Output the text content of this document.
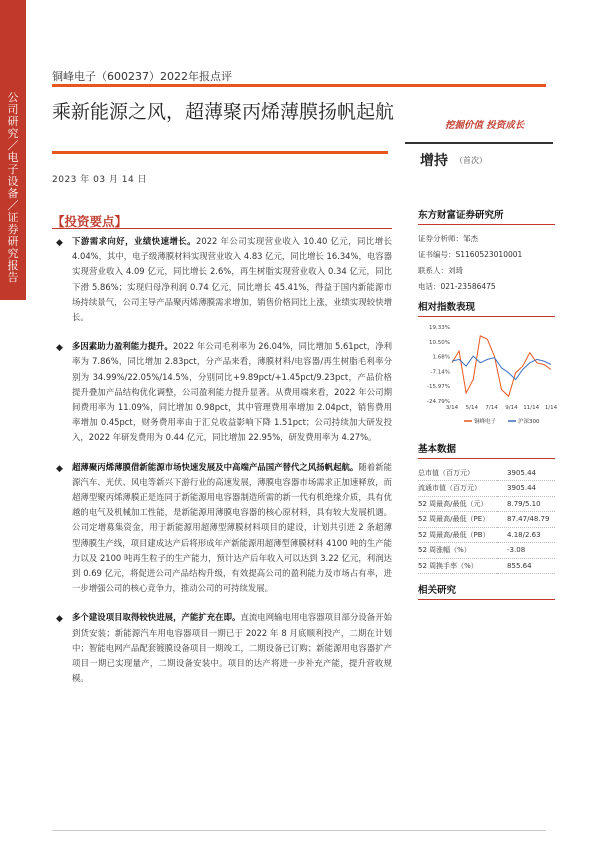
公司研究／电子设备／证券研究报告
铜峰电子（600237）2022年报点评
乘新能源之风，超薄聚丙烯薄膜扬帆起航
挖掘价值 投资成长
2023 年 03 月 14 日
增持 （首次）
【投资要点】
◆ 下游需求向好，业绩快速增长。2022 年公司实现营业收入 10.40 亿元，同比增长 4.04%，其中，电子级薄膜材料实现营业收入 4.83 亿元，同比增长 16.34%，电容器实现营业收入 4.09 亿元，同比增长 2.6%，再生树脂实现营业收入 0.34 亿元，同比下滑 5.86%；实现归母净利润 0.74 亿元，同比增长 45.41%，得益于国内新能源市场持续景气，公司主导产品聚丙烯薄膜需求增加，销售价格同比上涨，业绩实现较快增长。
◆ 多因素助力盈利能力提升。2022 年公司毛利率为 26.04%，同比增加 5.61pct，净利率为 7.86%，同比增加 2.83pct，分产品来看，薄膜材料/电容器/再生树脂毛利率分别为 34.99%/22.05%/14.5%，分别同比+9.89pct/+1.45pct/9.23pct，产品价格提升叠加产品结构优化调整，公司盈利能力提升显著。从费用端来看，2022 年公司期间费用率为 11.09%，同比增加 0.98pct，其中管理费用率增加 2.04pct，销售费用率增加 0.45pct，财务费用率由于汇兑收益影响下降 1.51pct；公司持续加大研发投入，2022 年研发费用为 0.44 亿元，同比增加 22.95%，研发费用率为 4.27%。
◆ 超薄聚丙烯薄膜借新能源市场快速发展及中高端产品国产替代之风扬帆起航。随着新能源汽车、光伏、风电等新兴下游行业的高速发展，薄膜电容器市场需求正加速释放，而超薄型聚丙烯薄膜正是连同于新能源用电容器制造所需的新一代有机绝缘介质，具有优越的电气及机械加工性能，是新能源用薄膜电容器的核心原材料，具有较大发展机遇。公司定增募集资金，用于新能源用超薄型薄膜材料项目的建设，计划共引进 2 条超薄型薄膜生产线，项目建成达产后将形成年产新能源用超薄型薄膜材料 4100 吨的生产能力以及 2100 吨再生粒子的生产能力，预计达产后年收入可以达到 3.22 亿元，利润达到 0.69 亿元，将促进公司产品结构升级，有效提高公司的盈利能力及市场占有率，进一步增强公司的核心竞争力，推动公司的可持续发展。
◆ 多个建设项目取得较快进展，产能扩充在即。直流电网输电用电容器项目部分设备开始到货安装；新能源汽车用电容器项目一期已于 2022 年 8 月底顺利投产，二期在计划中；智能电网产品配套镀膜设备项目一期竣工，二期设备已订购；新能源用电容器扩产项目一期已实现量产，二期设备安装中。项目的达产将进一步补充产能，提升营收规模。
东方财富证券研究所
证券分析师：邹杰
证书编号：S1160523010001
联系人：刘琦
电话：021-23586475
相对指数表现
19.33%
10.50%
1.68%
-7.14%
-15.97%
-24.79%
3/14 5/14 7/14 9/14 11/14 1/14
铜峰电子	沪深300
基本数据
总市值（百万元）	3905.44
流通市值（百万元）	3905.44
52 周最高/最低（元）	8.79/5.10
52 周最高/最低（PE）	87.47/48.79
52 周最高/最低（PB）	4.18/2.63
52 周涨幅（%）	-3.08
52 周换手率（%）	855.64
相关研究
